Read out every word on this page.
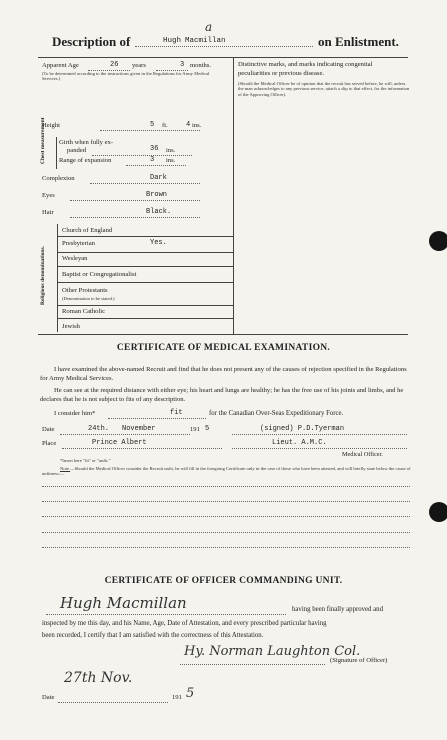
Description of	Hugh Macmillan
a
on Enlistment.
Apparent Age	26 years	3 months.
(To be determined according to the instructions given in the Regulations for Army Medical Services.)
Height	5 ft.	4 ins.
Chest measurement Girth when fully ex-
panded	36 ins.
Range of expansion	3 ins.
Complexion	Dark
Eyes	Brown
Hair	Black.
Religious denominations.
Church of England
Presbyterian	Yes.
Wesleyan
Baptist or Congregationalist
Other Protestants
(Denomination to be stated.)
Roman Catholic
Jewish
Distinctive marks, and marks indicating congenital
peculiarities or previous disease.
(Should the Medical Officer be of opinion that the recruit has served before, he will, unless the man acknowledges to any previous service, attach a slip to that effect, for the information of the Approving Officer).
CERTIFICATE OF MEDICAL EXAMINATION.
I have examined the above-named Recruit and find that he does not present any of the causes of rejection specified in the Regulations for Army Medical Services.
He can see at the required distance with either eye; his heart and lungs are healthy; he has the free use of his joints and limbs, and he declares that he is not subject to fits of any description.
I consider him*	fit	for the Canadian Over-Seas Expeditionary Force.
Date	24th. November	191 5	(signed) P.D.Tyerman
Place	Prince Albert	Lieut. A.M.C.
Medical Officer.
*Insert here "fit" or "unfit."
Note.—Should the Medical Officer consider the Recruit unfit, he will fill in the foregoing Certificate only in the case of those who have been attested, and will briefly state below the cause of unfitness:—
CERTIFICATE OF OFFICER COMMANDING UNIT.
Hugh Macmillan	having been finally approved and
inspected by me this day, and his Name, Age, Date of Attestation, and every prescribed particular having
been recorded, I certify that I am satisfied with the correctness of this Attestation.
Hy. Norman Laughton Col.
(Signature of Officer)
Date
27th Nov.
191 5
